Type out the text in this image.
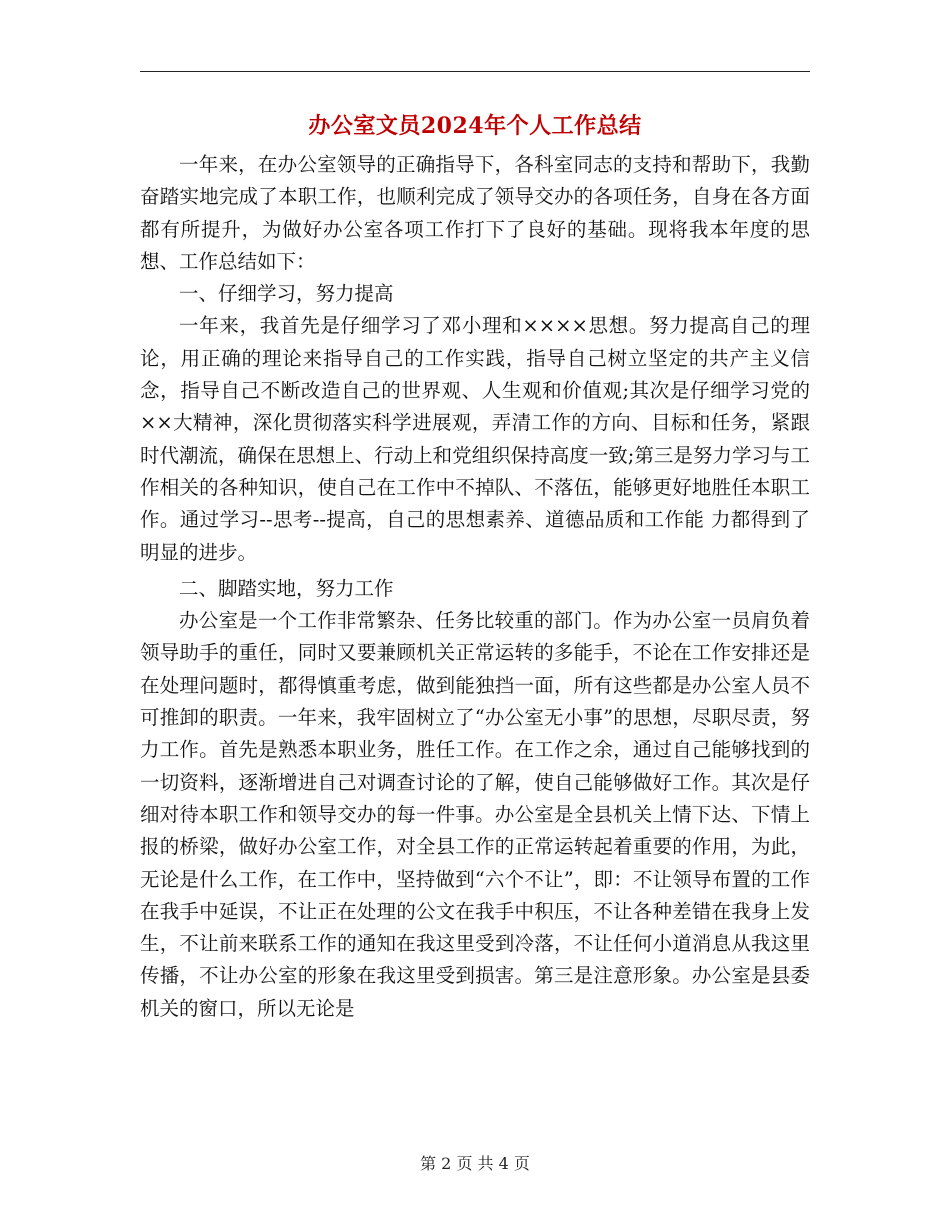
办公室文员2024年个人工作总结

一年来，在办公室领导的正确指导下，各科室同志的支持和帮助下，我勤奋踏实地完成了本职工作，也顺利完成了领导交办的各项任务，自身在各方面都有所提升，为做好办公室各项工作打下了良好的基础。现将我本年度的思想、工作总结如下：

一、仔细学习，努力提高

一年来，我首先是仔细学习了邓小理和××××思想。努力提高自己的理论，用正确的理论来指导自己的工作实践，指导自己树立坚定的共产主义信念，指导自己不断改造自己的世界观、人生观和价值观;其次是仔细学习党的××大精神，深化贯彻落实科学进展观，弄清工作的方向、目标和任务，紧跟时代潮流，确保在思想上、行动上和党组织保持高度一致;第三是努力学习与工作相关的各种知识，使自己在工作中不掉队、不落伍，能够更好地胜任本职工作。通过学习--思考--提高，自己的思想素养、道德品质和工作能 力都得到了明显的进步。

二、脚踏实地，努力工作

办公室是一个工作非常繁杂、任务比较重的部门。作为办公室一员肩负着领导助手的重任，同时又要兼顾机关正常运转的多能手，不论在工作安排还是在处理问题时，都得慎重考虑，做到能独挡一面，所有这些都是办公室人员不可推卸的职责。一年来，我牢固树立了“办公室无小事”的思想，尽职尽责，努力工作。首先是熟悉本职业务，胜任工作。在工作之余，通过自己能够找到的一切资料，逐渐增进自己对调查讨论的了解，使自己能够做好工作。其次是仔细对待本职工作和领导交办的每一件事。办公室是全县机关上情下达、下情上报的桥梁，做好办公室工作，对全县工作的正常运转起着重要的作用，为此，无论是什么工作，在工作中，坚持做到“六个不让”，即：不让领导布置的工作在我手中延误，不让正在处理的公文在我手中积压，不让各种差错在我身上发生，不让前来联系工作的通知在我这里受到冷落，不让任何小道消息从我这里传播，不让办公室的形象在我这里受到损害。第三是注意形象。办公室是县委机关的窗口，所以无论是

第 2 页 共 4 页
